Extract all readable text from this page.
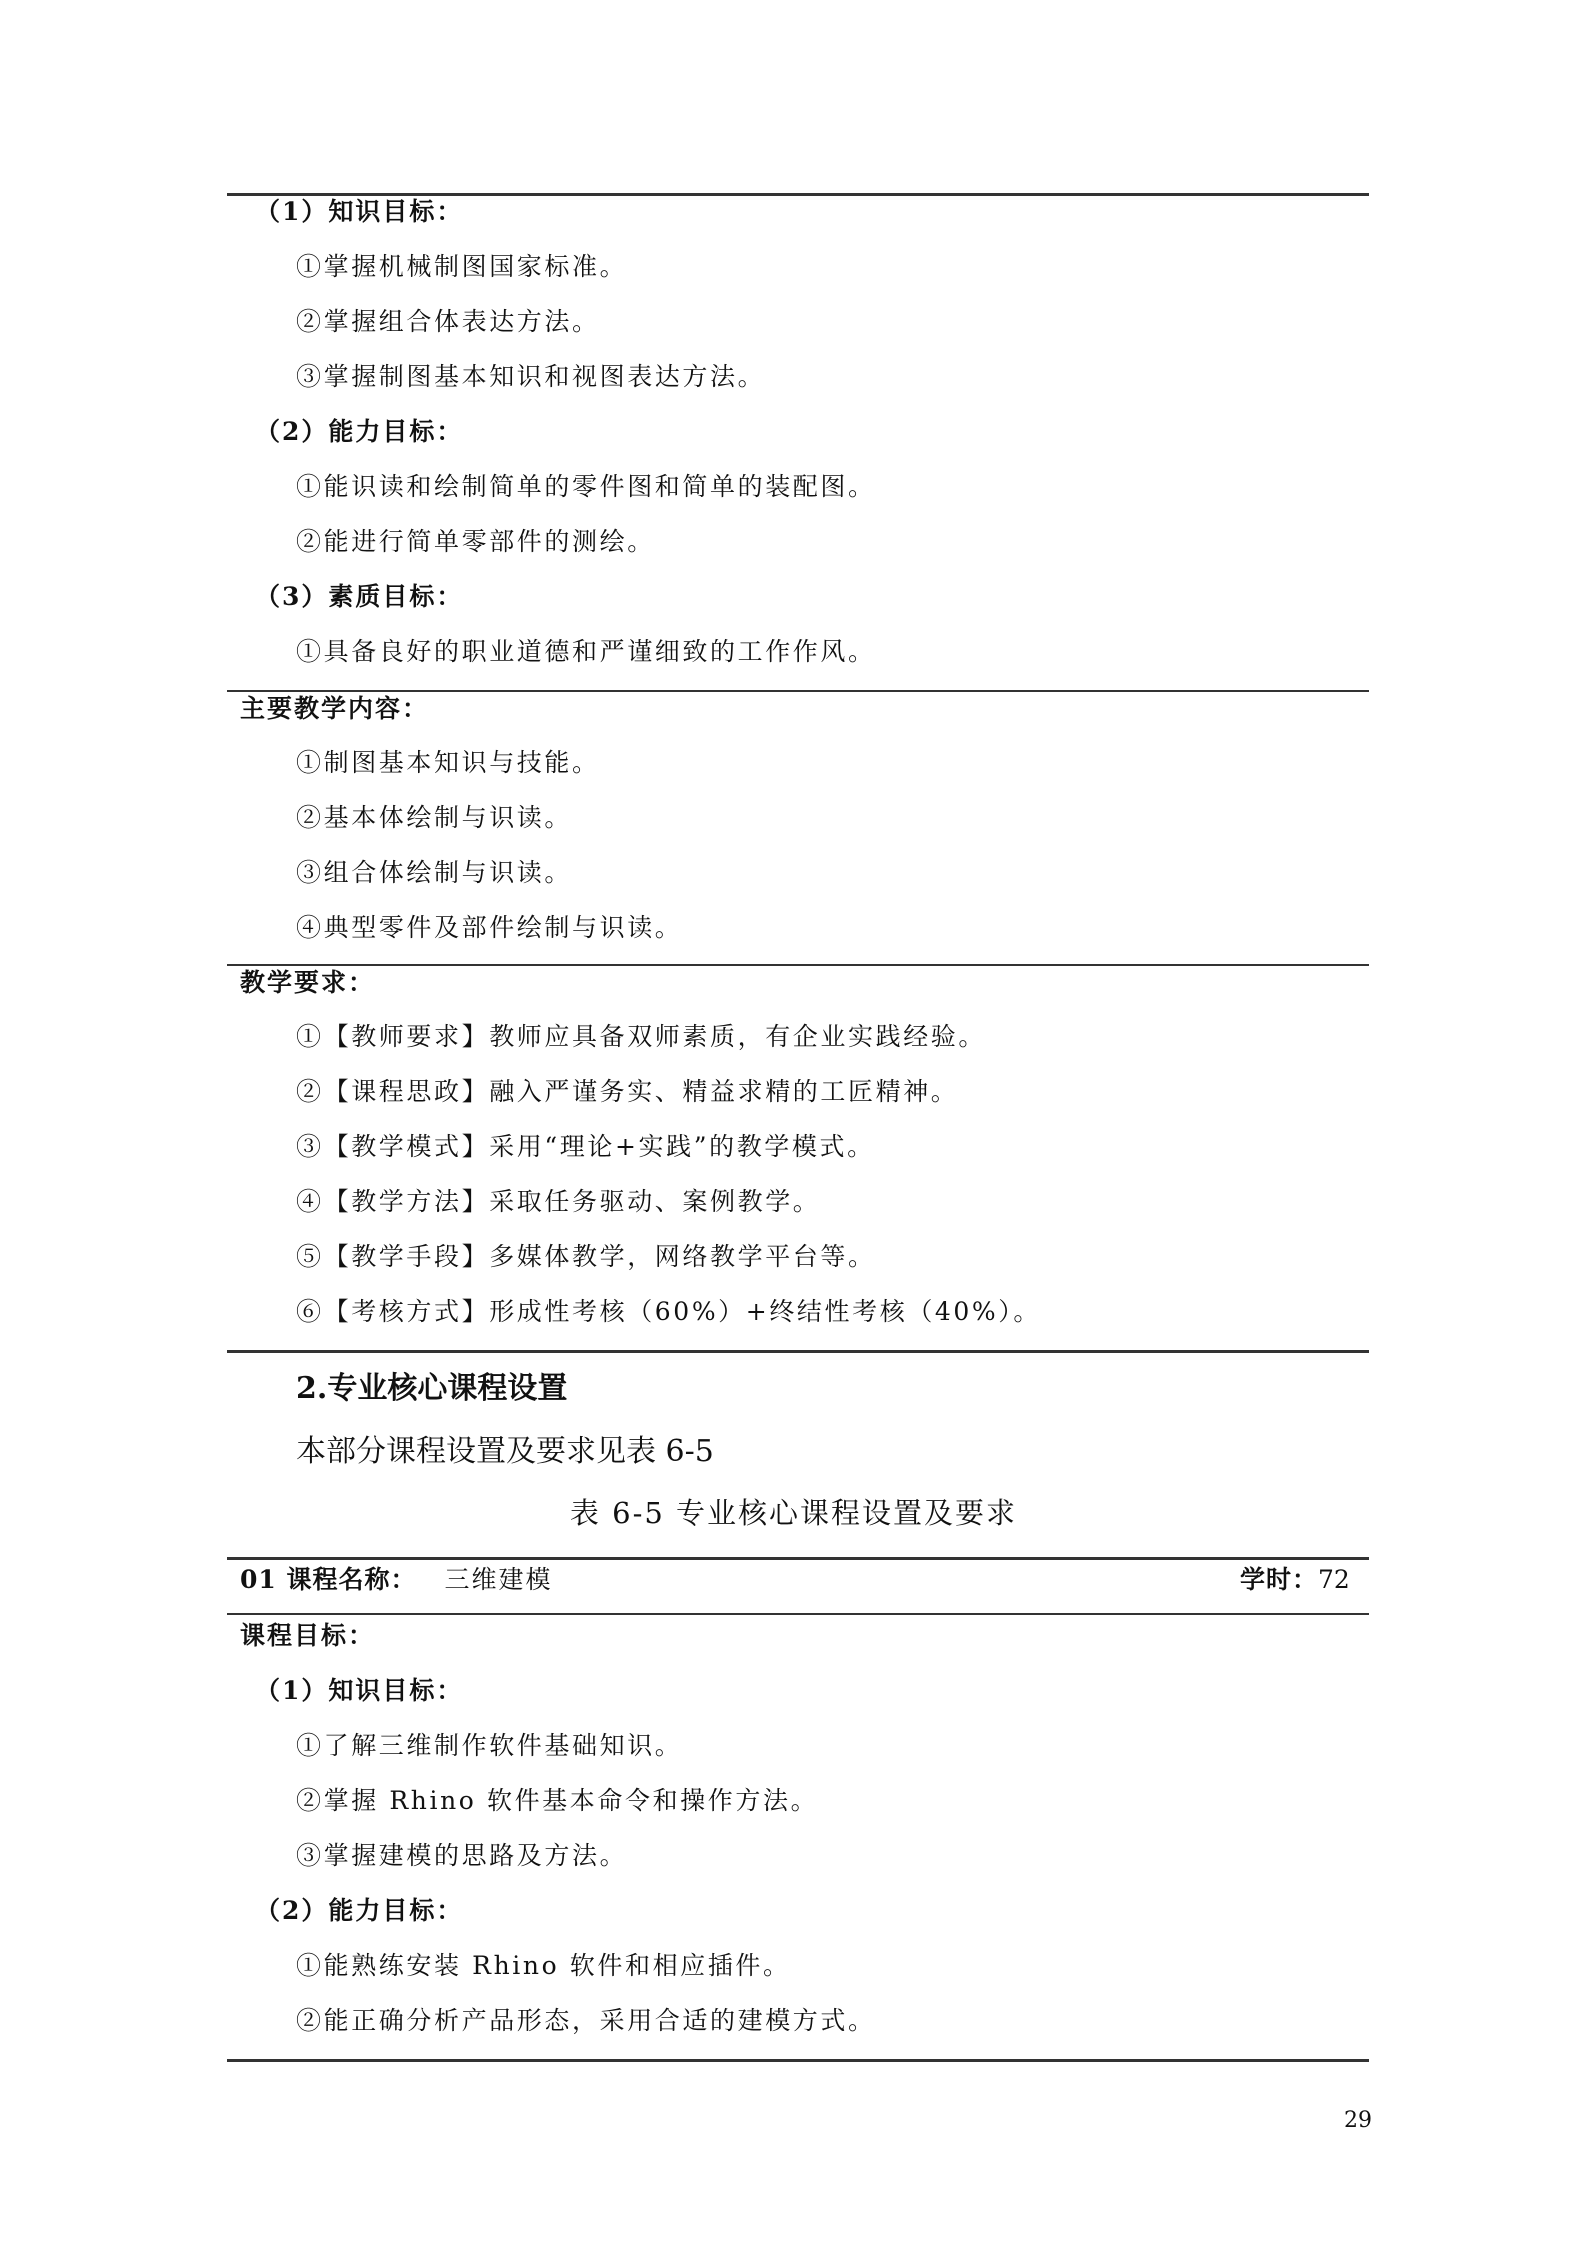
（1）知识目标：
①掌握机械制图国家标准。
②掌握组合体表达方法。
③掌握制图基本知识和视图表达方法。
（2）能力目标：
①能识读和绘制简单的零件图和简单的装配图。
②能进行简单零部件的测绘。
（3）素质目标：
①具备良好的职业道德和严谨细致的工作作风。
主要教学内容：
①制图基本知识与技能。
②基本体绘制与识读。
③组合体绘制与识读。
④典型零件及部件绘制与识读。
教学要求：
①【教师要求】教师应具备双师素质，有企业实践经验。
②【课程思政】融入严谨务实、精益求精的工匠精神。
③【教学模式】采用“理论+实践”的教学模式。
④【教学方法】采取任务驱动、案例教学。
⑤【教学手段】多媒体教学，网络教学平台等。
⑥【考核方式】形成性考核（60%）+终结性考核（40%）。
2.专业核心课程设置
本部分课程设置及要求见表 6-5
表 6-5 专业核心课程设置及要求
01 课程名称： 三维建模	学时：72
课程目标：
（1）知识目标：
①了解三维制作软件基础知识。
②掌握 Rhino 软件基本命令和操作方法。
③掌握建模的思路及方法。
（2）能力目标：
①能熟练安装 Rhino 软件和相应插件。
②能正确分析产品形态，采用合适的建模方式。
29
